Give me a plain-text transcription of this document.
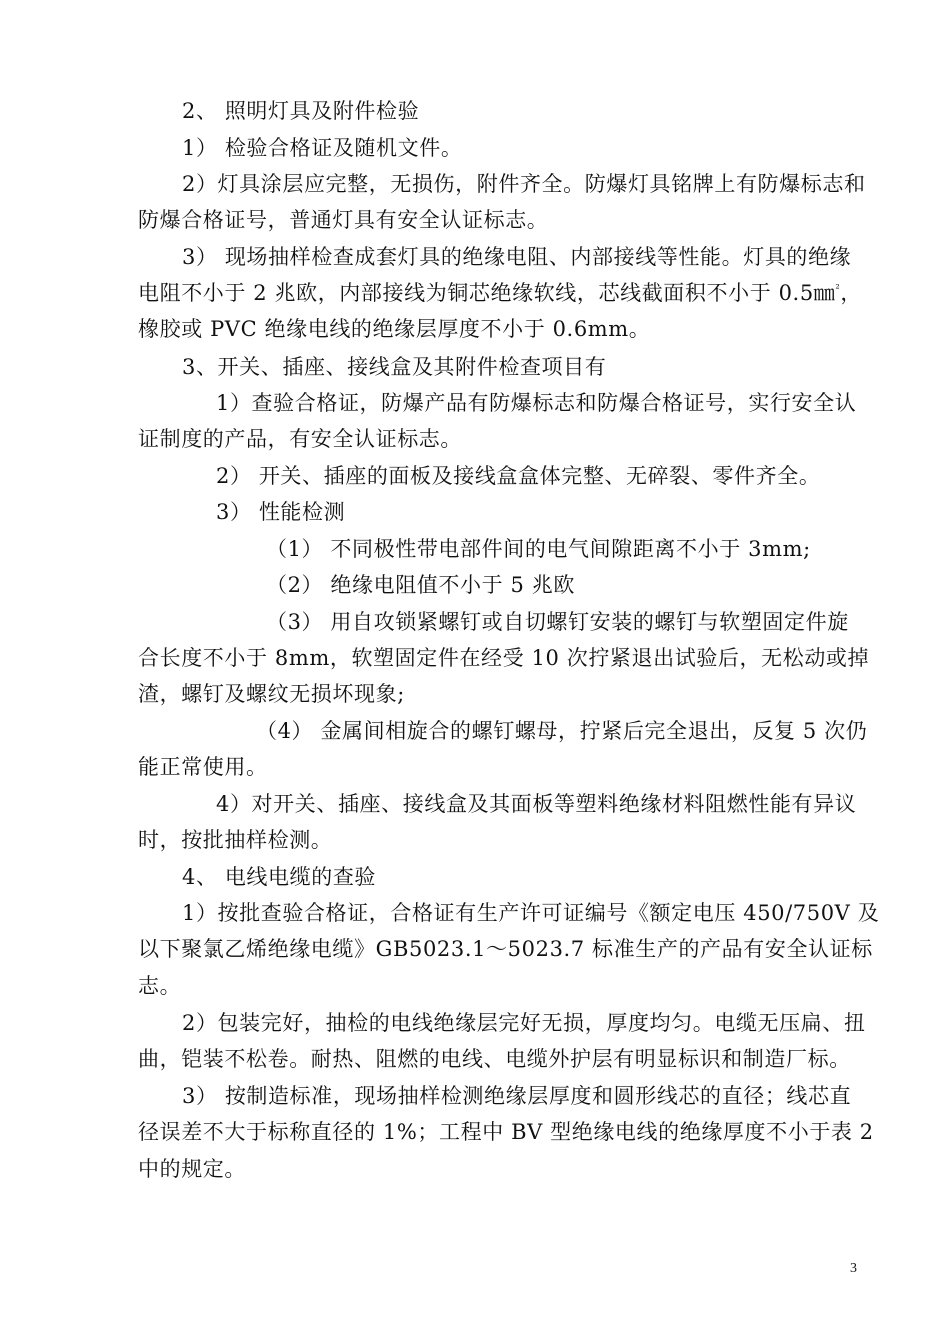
2、 照明灯具及附件检验
1） 检验合格证及随机文件。
2）灯具涂层应完整，无损伤，附件齐全。防爆灯具铭牌上有防爆标志和
防爆合格证号，普通灯具有安全认证标志。
3） 现场抽样检查成套灯具的绝缘电阻、内部接线等性能。灯具的绝缘
电阻不小于 2 兆欧，内部接线为铜芯绝缘软线，芯线截面积不小于 0.5㎜$^{^2}$，
橡胶或 PVC 绝缘电线的绝缘层厚度不小于 0.6mm。
3、开关、插座、接线盒及其附件检查项目有
1）查验合格证，防爆产品有防爆标志和防爆合格证号，实行安全认
证制度的产品，有安全认证标志。
2） 开关、插座的面板及接线盒盒体完整、无碎裂、零件齐全。
3） 性能检测
（1） 不同极性带电部件间的电气间隙距离不小于 3mm;
（2） 绝缘电阻值不小于 5 兆欧
（3） 用自攻锁紧螺钉或自切螺钉安装的螺钉与软塑固定件旋
合长度不小于 8mm，软塑固定件在经受 10 次拧紧退出试验后，无松动或掉
渣，螺钉及螺纹无损坏现象;
（4） 金属间相旋合的螺钉螺母，拧紧后完全退出，反复 5 次仍
能正常使用。
4）对开关、插座、接线盒及其面板等塑料绝缘材料阻燃性能有异议
时，按批抽样检测。
4、 电线电缆的查验
1）按批查验合格证，合格证有生产许可证编号《额定电压 450/750V 及
以下聚氯乙烯绝缘电缆》GB5023.1～5023.7 标准生产的产品有安全认证标
志。
2）包装完好，抽检的电线绝缘层完好无损，厚度均匀。电缆无压扁、扭
曲，铠装不松卷。耐热、阻燃的电线、电缆外护层有明显标识和制造厂标。
3） 按制造标准，现场抽样检测绝缘层厚度和圆形线芯的直径；线芯直
径误差不大于标称直径的 1%；工程中 BV 型绝缘电线的绝缘厚度不小于表 2
中的规定。
3
